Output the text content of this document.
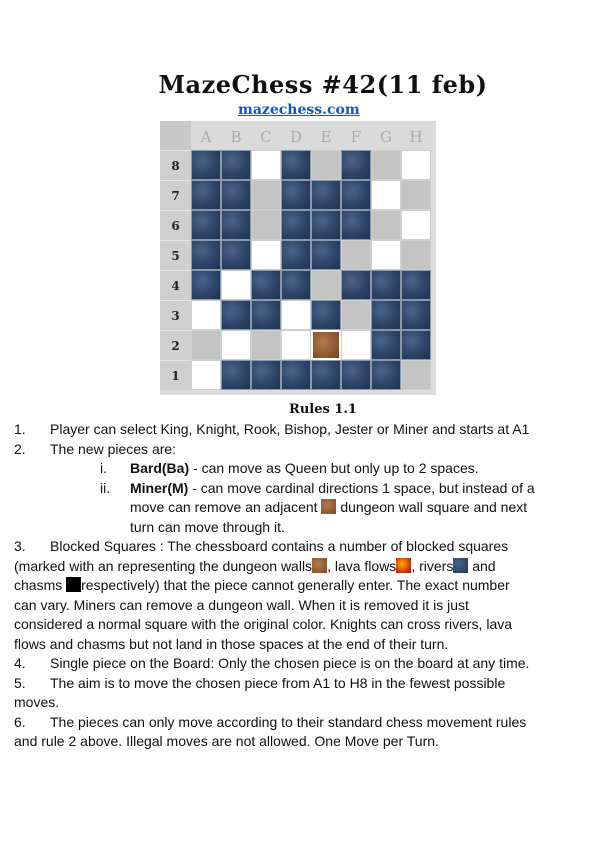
MazeChess #42(11 feb)
mazechess.com
A	B	C	D	E	F	G	H
8
7
6
5
4
3
2
1
Rules 1.1
1. Player can select King, Knight, Rook, Bishop, Jester or Miner and starts at A1
2. The new pieces are:
i. Bard(Ba) - can move as Queen but only up to 2 spaces.
ii. Miner(M) - can move cardinal directions 1 space, but instead of a
move can remove an adjacent  dungeon wall square and next
turn can move through it.
3. Blocked Squares : The chessboard contains a number of blocked squares
(marked with an representing the dungeon walls , lava flows , rivers and
chasms respectively) that the piece cannot generally enter. The exact number
can vary. Miners can remove a dungeon wall. When it is removed it is just
considered a normal square with the original color. Knights can cross rivers, lava
flows and chasms but not land in those spaces at the end of their turn.
4. Single piece on the Board: Only the chosen piece is on the board at any time.
5. The aim is to move the chosen piece from A1 to H8 in the fewest possible
moves.
6. The pieces can only move according to their standard chess movement rules
and rule 2 above. Illegal moves are not allowed. One Move per Turn.
